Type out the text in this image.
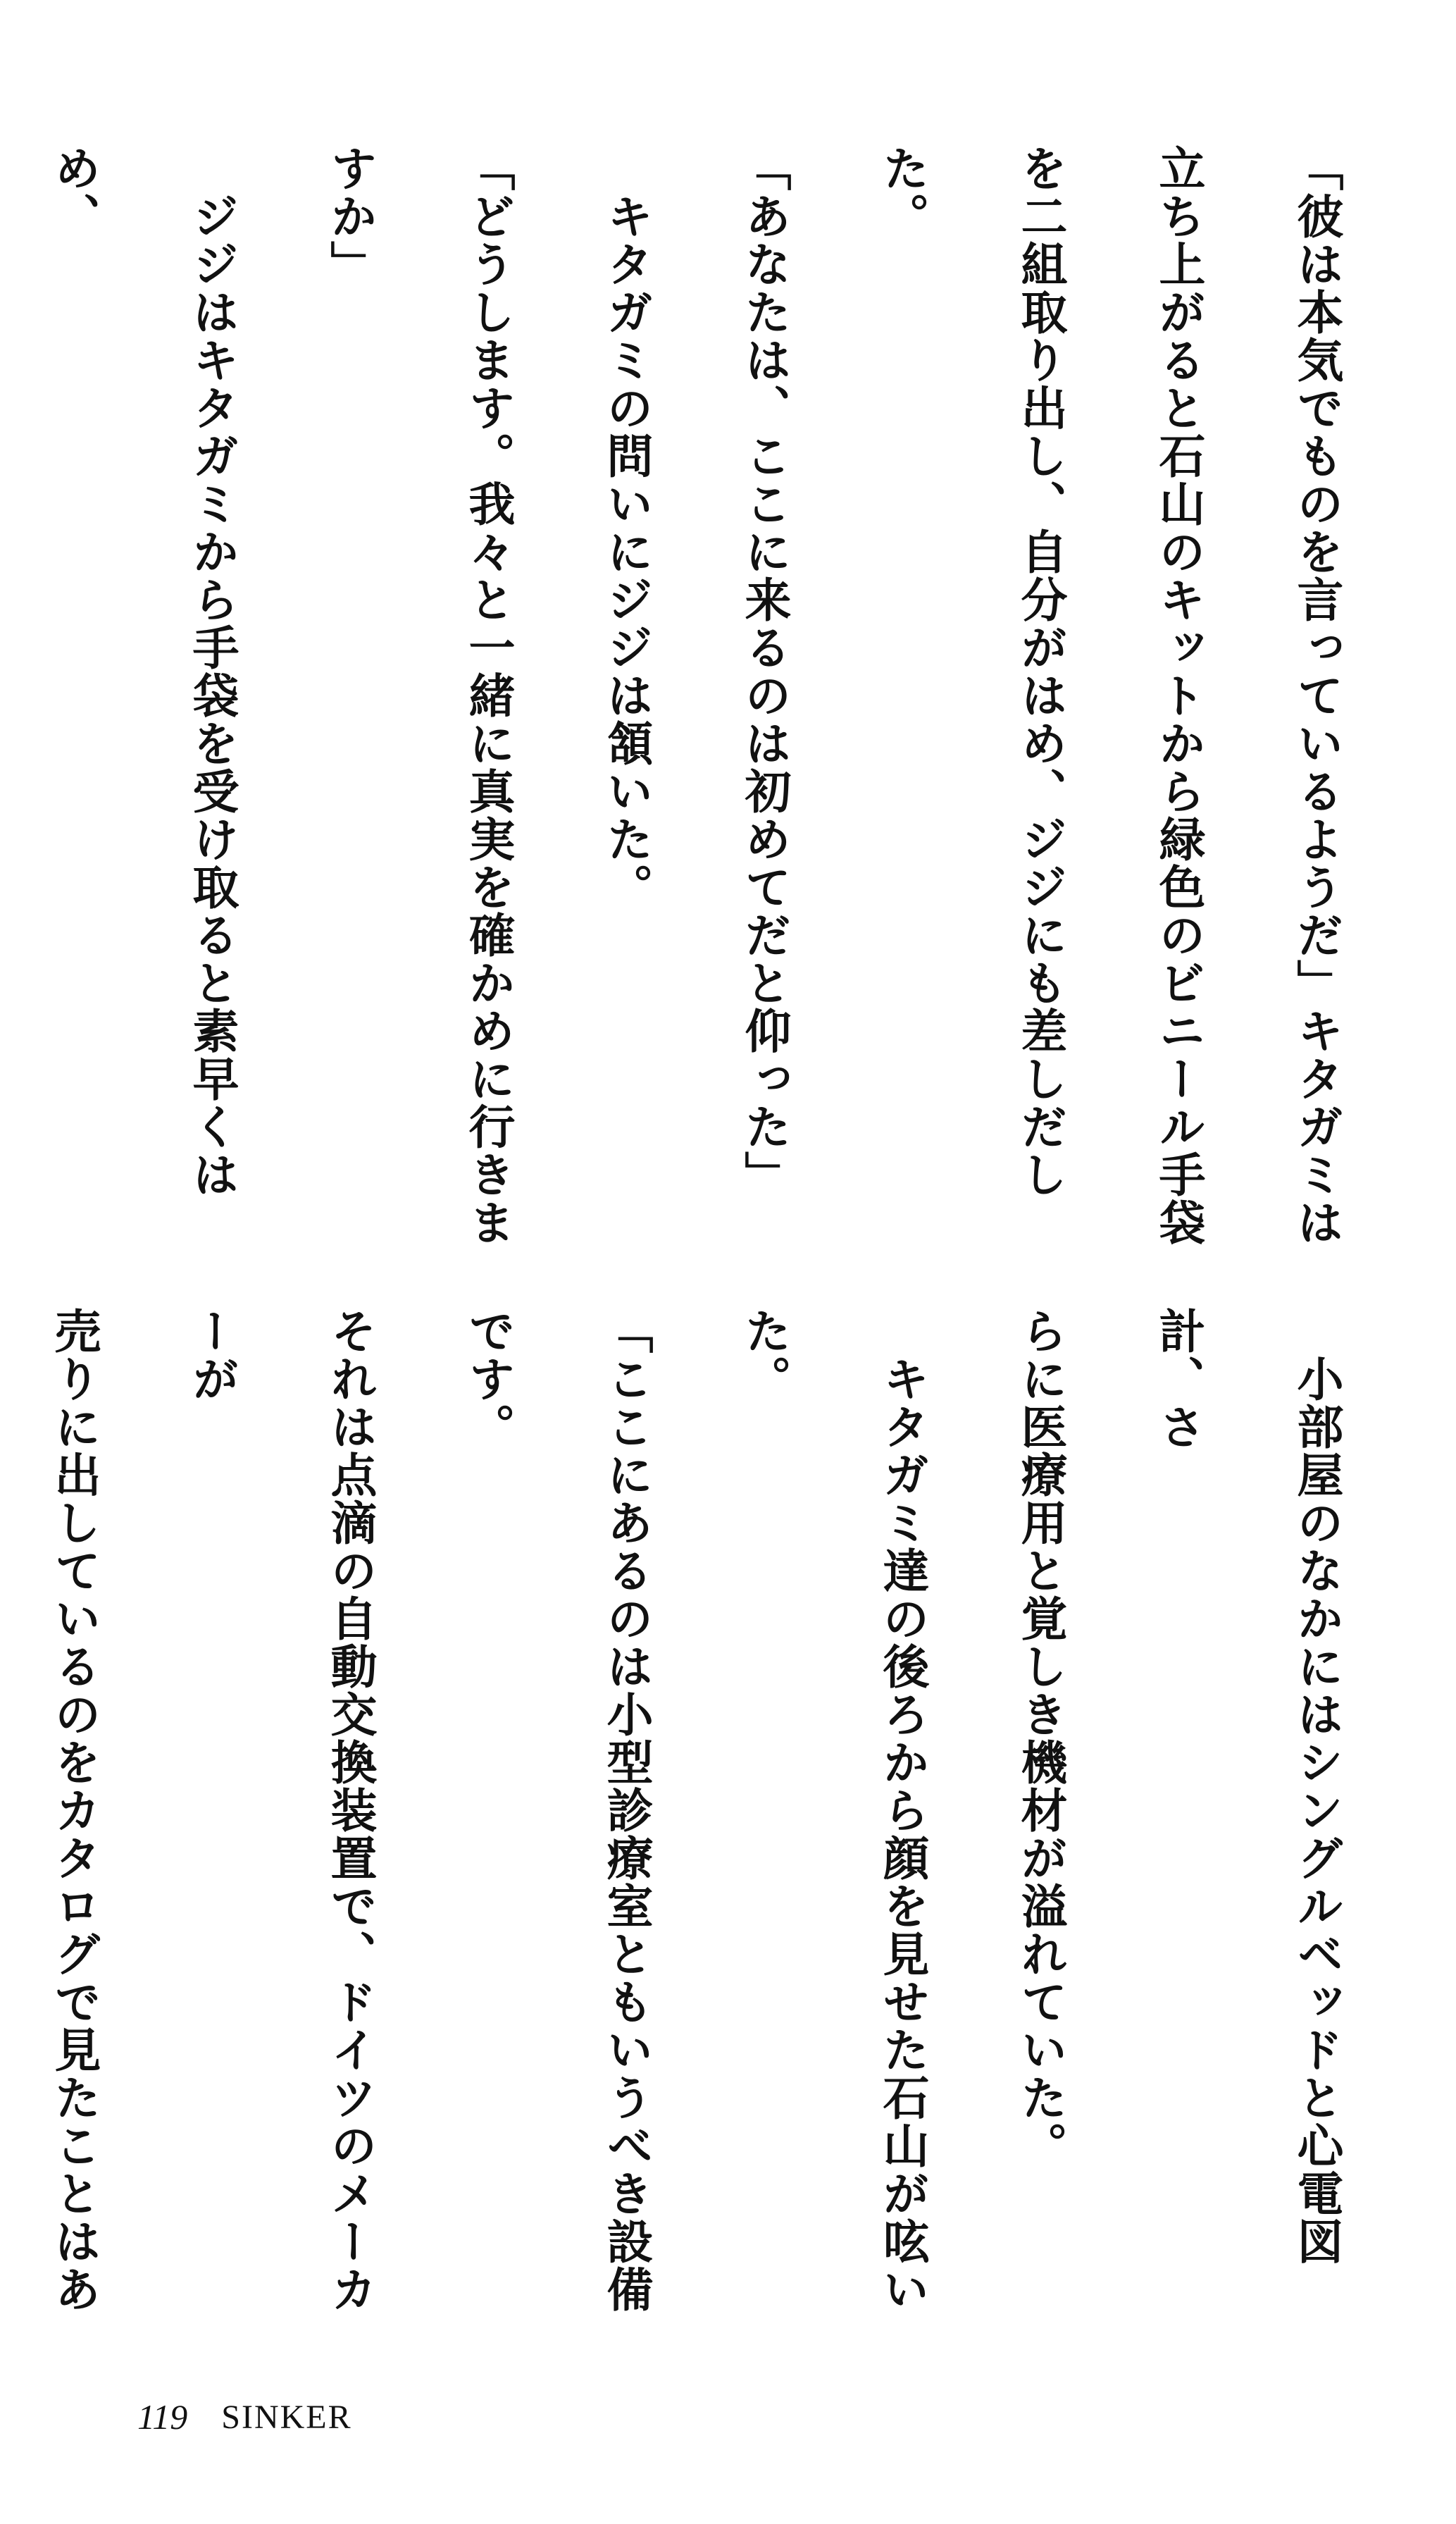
「彼は本気でものを言っているようだ」キタガミは
立ち上がると石山のキットから緑色のビニール手袋
を二組取り出し、自分がはめ、ジジにも差しだした。
「あなたは、ここに来るのは初めてだと仰った」
　キタガミの問いにジジは頷いた。
「どうします。我々と一緒に真実を確かめに行きま
すか」
　ジジはキタガミから手袋を受け取ると素早くはめ、

　小部屋のなかにはシングルベッドと心電図計、さ
らに医療用と覚しき機材が溢れていた。
　キタガミ達の後ろから顔を見せた石山が呟いた。
「ここにあるのは小型診療室ともいうべき設備です。
それは点滴の自動交換装置で、ドイツのメーカーが
売りに出しているのをカタログで見たことはあ
119 SINKER
